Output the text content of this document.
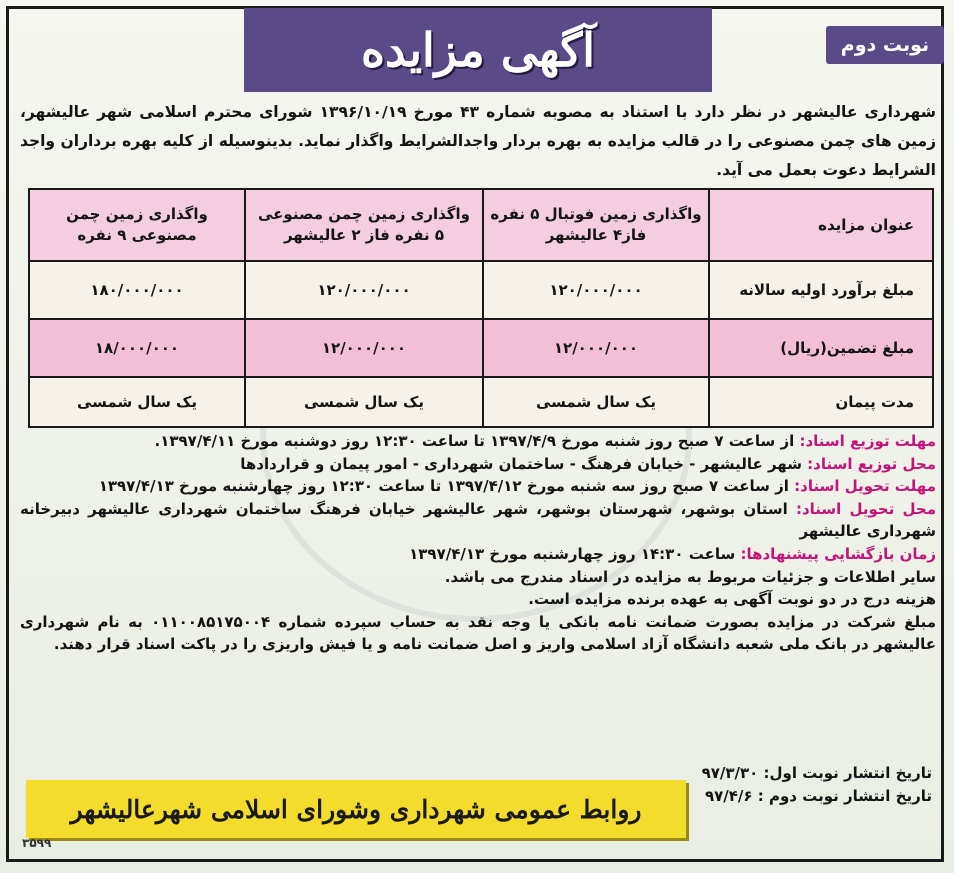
آگهی مزایده	نوبت دوم
شهرداری عالیشهر در نظر دارد با استناد به مصوبه شماره ۴۳ مورخ ۱۳۹۶/۱۰/۱۹ شورای محترم اسلامی شهر عالیشهر، زمین های چمن مصنوعی را در قالب مزایده به بهره بردار واجدالشرایط واگذار نماید. بدینوسیله از کلیه بهره برداران واجد الشرایط دعوت بعمل می آید.
عنوان مزایده	واگذاری زمین فوتبال ۵ نفره فاز۴ عالیشهر	واگذاری زمین چمن مصنوعی ۵ نفره فاز ۲ عالیشهر	واگذاری زمین چمن مصنوعی ۹ نفره
مبلغ برآورد اولیه سالانه	۱۲۰/۰۰۰/۰۰۰	۱۲۰/۰۰۰/۰۰۰	۱۸۰/۰۰۰/۰۰۰
مبلغ تضمین(ریال)	۱۲/۰۰۰/۰۰۰	۱۲/۰۰۰/۰۰۰	۱۸/۰۰۰/۰۰۰
مدت پیمان	یک سال شمسی	یک سال شمسی	یک سال شمسی
مهلت توزیع اسناد: از ساعت ۷ صبح روز شنبه مورخ ۱۳۹۷/۴/۹ تا ساعت ۱۲:۳۰ روز دوشنبه مورخ ۱۳۹۷/۴/۱۱.
محل توزیع اسناد: شهر عالیشهر - خیابان فرهنگ - ساختمان شهرداری - امور پیمان و قراردادها
مهلت تحویل اسناد: از ساعت ۷ صبح روز سه شنبه مورخ ۱۳۹۷/۴/۱۲ تا ساعت ۱۲:۳۰ روز چهارشنبه مورخ ۱۳۹۷/۴/۱۳
محل تحویل اسناد: استان بوشهر، شهرستان بوشهر، شهر عالیشهر خیابان فرهنگ ساختمان شهرداری عالیشهر دبیرخانه شهرداری عالیشهر
زمان بازگشایی پیشنهادها: ساعت ۱۴:۳۰ روز چهارشنبه مورخ ۱۳۹۷/۴/۱۳
سایر اطلاعات و جزئیات مربوط به مزایده در اسناد مندرج می باشد.
هزینه درج در دو نوبت آگهی به عهده برنده مزایده است.
مبلغ شرکت در مزایده بصورت ضمانت نامه بانکی یا وجه نقد به حساب سپرده شماره ۰۱۱۰۰۸۵۱۷۵۰۰۴ به نام شهرداری عالیشهر در بانک ملی شعبه دانشگاه آزاد اسلامی واریز و اصل ضمانت نامه و یا فیش واریزی را در پاکت اسناد قرار دهند.
تاریخ انتشار نوبت اول: ۹۷/۳/۳۰
تاریخ انتشار نوبت دوم : ۹۷/۴/۶
روابط عمومی شهرداری وشورای اسلامی شهرعالیشهر
۳۵۹۹
